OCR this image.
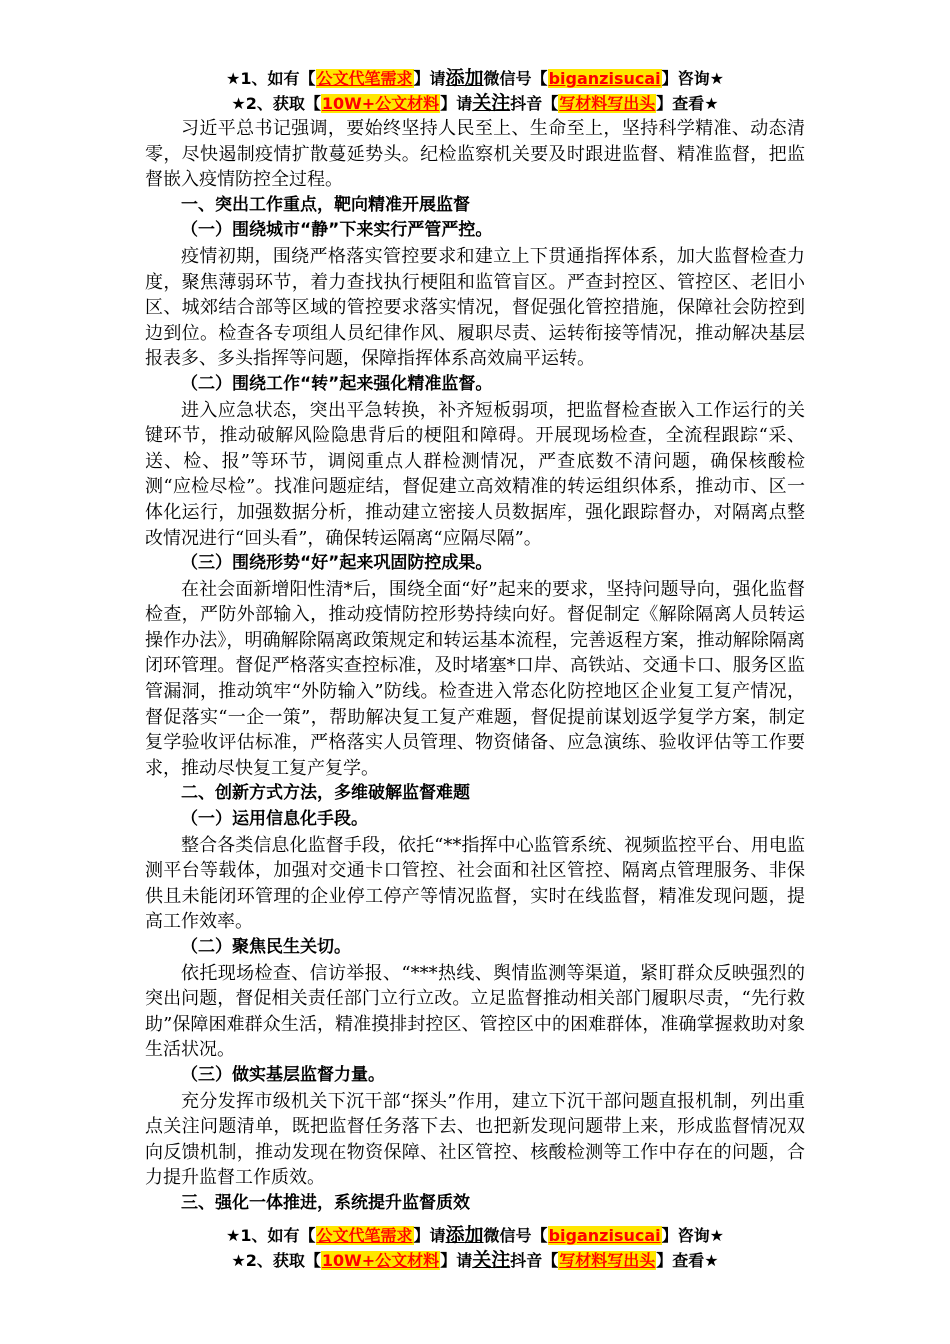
★1、如有【公文代笔需求】请添加微信号【biganzisucai】咨询★
★2、获取【10W+公文材料】请关注抖音【写材料写出头】查看★

习近平总书记强调，要始终坚持人民至上、生命至上，坚持科学精准、动态清零，尽快遏制疫情扩散蔓延势头。纪检监察机关要及时跟进监督、精准监督，把监督嵌入疫情防控全过程。

一、突出工作重点，靶向精准开展监督
（一）围绕城市“静”下来实行严管严控。

疫情初期，围绕严格落实管控要求和建立上下贯通指挥体系，加大监督检查力度，聚焦薄弱环节，着力查找执行梗阻和监管盲区。严查封控区、管控区、老旧小区、城郊结合部等区域的管控要求落实情况，督促强化管控措施，保障社会防控到边到位。检查各专项组人员纪律作风、履职尽责、运转衔接等情况，推动解决基层报表多、多头指挥等问题，保障指挥体系高效扁平运转。

（二）围绕工作“转”起来强化精准监督。

进入应急状态，突出平急转换，补齐短板弱项，把监督检查嵌入工作运行的关键环节，推动破解风险隐患背后的梗阻和障碍。开展现场检查，全流程跟踪“采、送、检、报”等环节，调阅重点人群检测情况，严查底数不清问题，确保核酸检测“应检尽检”。找准问题症结，督促建立高效精准的转运组织体系，推动市、区一体化运行，加强数据分析，推动建立密接人员数据库，强化跟踪督办，对隔离点整改情况进行“回头看”，确保转运隔离“应隔尽隔”。

（三）围绕形势“好”起来巩固防控成果。

在社会面新增阳性清*后，围绕全面“好”起来的要求，坚持问题导向，强化监督检查，严防外部输入，推动疫情防控形势持续向好。督促制定《解除隔离人员转运操作办法》，明确解除隔离政策规定和转运基本流程，完善返程方案，推动解除隔离闭环管理。督促严格落实查控标准，及时堵塞*口岸、高铁站、交通卡口、服务区监管漏洞，推动筑牢“外防输入”防线。检查进入常态化防控地区企业复工复产情况，督促落实“一企一策”，帮助解决复工复产难题，督促提前谋划返学复学方案，制定复学验收评估标准，严格落实人员管理、物资储备、应急演练、验收评估等工作要求，推动尽快复工复产复学。

二、创新方式方法，多维破解监督难题
（一）运用信息化手段。

整合各类信息化监督手段，依托“**指挥中心监管系统、视频监控平台、用电监测平台等载体，加强对交通卡口管控、社会面和社区管控、隔离点管理服务、非保供且未能闭环管理的企业停工停产等情况监督，实时在线监督，精准发现问题，提高工作效率。

（二）聚焦民生关切。

依托现场检查、信访举报、“***热线、舆情监测等渠道，紧盯群众反映强烈的突出问题，督促相关责任部门立行立改。立足监督推动相关部门履职尽责，“先行救助”保障困难群众生活，精准摸排封控区、管控区中的困难群体，准确掌握救助对象生活状况。

（三）做实基层监督力量。

充分发挥市级机关下沉干部“探头”作用，建立下沉干部问题直报机制，列出重点关注问题清单，既把监督任务落下去、也把新发现问题带上来，形成监督情况双向反馈机制，推动发现在物资保障、社区管控、核酸检测等工作中存在的问题，合力提升监督工作质效。

三、强化一体推进，系统提升监督质效
★1、如有【公文代笔需求】请添加微信号【biganzisucai】咨询★
★2、获取【10W+公文材料】请关注抖音【写材料写出头】查看★
